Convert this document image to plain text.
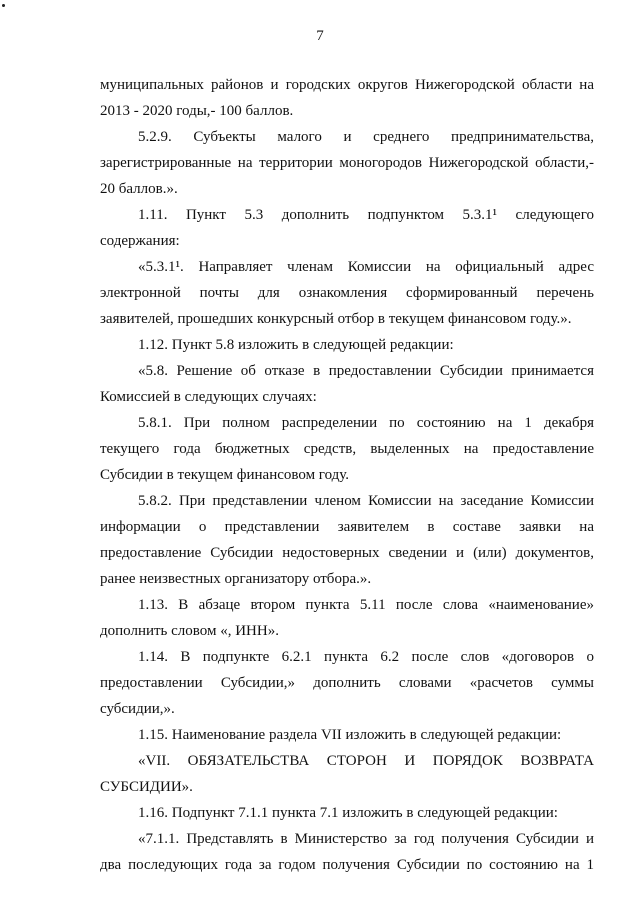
7
муниципальных районов и городских округов Нижегородской области на
2013 - 2020 годы,- 100 баллов.
5.2.9. Субъекты малого и среднего предпринимательства,
зарегистрированные на территории моногородов Нижегородской области,-
20 баллов.».
1.11. Пункт 5.3 дополнить подпунктом 5.3.1¹ следующего
содержания:
«5.3.1¹. Направляет членам Комиссии на официальный адрес
электронной почты для ознакомления сформированный перечень
заявителей, прошедших конкурсный отбор в текущем финансовом году.».
1.12. Пункт 5.8 изложить в следующей редакции:
«5.8. Решение об отказе в предоставлении Субсидии принимается
Комиссией в следующих случаях:
5.8.1. При полном распределении по состоянию на 1 декабря
текущего года бюджетных средств, выделенных на предоставление
Субсидии в текущем финансовом году.
5.8.2. При представлении членом Комиссии на заседание Комиссии
информации о представлении заявителем в составе заявки на
предоставление Субсидии недостоверных сведении и (или) документов,
ранее неизвестных организатору отбора.».
1.13. В абзаце втором пункта 5.11 после слова «наименование»
дополнить словом «, ИНН».
1.14. В подпункте 6.2.1 пункта 6.2 после слов «договоров о
предоставлении Субсидии,» дополнить словами «расчетов суммы
субсидии,».
1.15. Наименование раздела VII изложить в следующей редакции:
«VII. ОБЯЗАТЕЛЬСТВА СТОРОН И ПОРЯДОК ВОЗВРАТА
СУБСИДИИ».
1.16. Подпункт 7.1.1 пункта 7.1 изложить в следующей редакции:
«7.1.1. Представлять в Министерство за год получения Субсидии и
два последующих года за годом получения Субсидии по состоянию на 1
